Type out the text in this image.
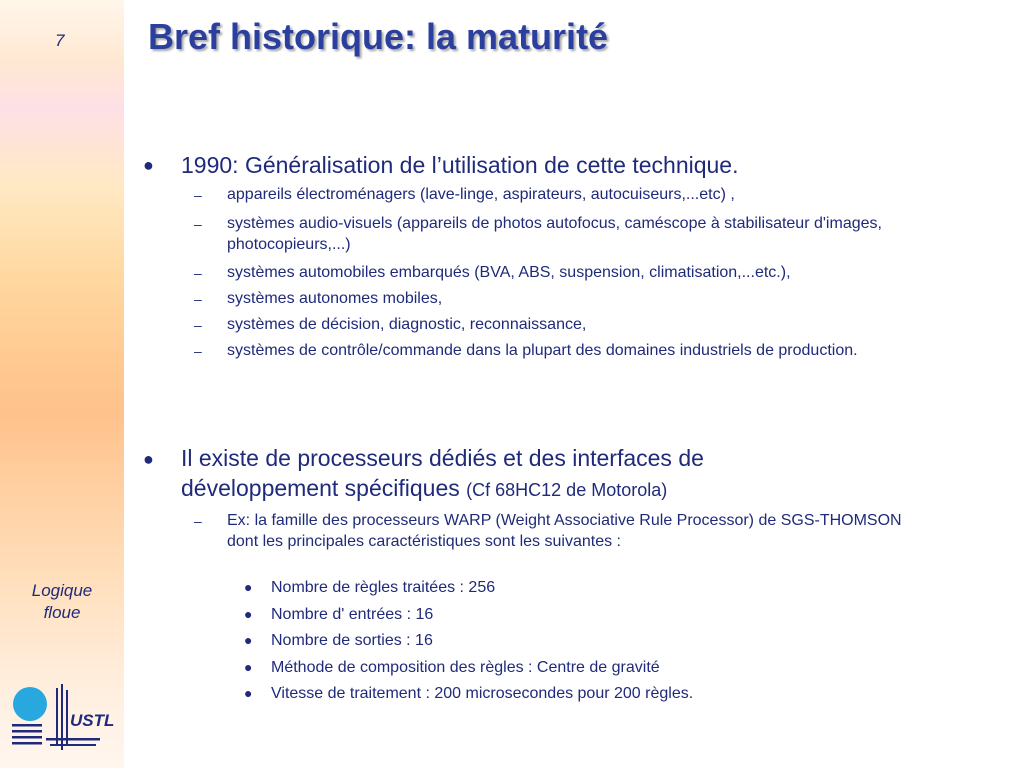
7
Logique
floue
USTL
Bref historique: la maturité
● 1990: Généralisation de l’utilisation de cette technique.
– appareils électroménagers (lave-linge, aspirateurs, autocuiseurs,...etc) ,
– systèmes audio-visuels (appareils de photos autofocus, caméscope à stabilisateur d'images, photocopieurs,...)
– systèmes automobiles embarqués (BVA, ABS, suspension, climatisation,...etc.),
– systèmes autonomes mobiles,
– systèmes de décision, diagnostic, reconnaissance,
– systèmes de contrôle/commande dans la plupart des domaines industriels de production.
● Il existe de processeurs dédiés et des interfaces de
développement spécifiques (Cf 68HC12 de Motorola)
– Ex: la famille des processeurs WARP (Weight Associative Rule Processor) de SGS-THOMSON dont les principales caractéristiques sont les suivantes :
● Nombre de règles traitées : 256
● Nombre d' entrées : 16
● Nombre de sorties : 16
● Méthode de composition des règles : Centre de gravité
● Vitesse de traitement : 200 microsecondes pour 200 règles.
